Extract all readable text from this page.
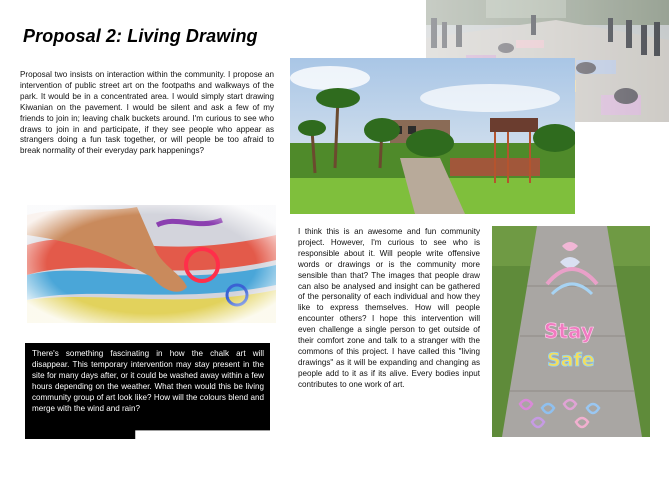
Proposal 2: Living Drawing
Proposal two insists on interaction within the community. I propose an intervention of public street art on the footpaths and walkways of the park. It would be in a concentrated area. I would simply start drawing Kiwanian on the pavement. I would be silent and ask a few of my friends to join in; leaving chalk buckets around. I'm curious to see who draws to join in and participate, if they see people who appear as strangers doing a fun task together, or will people be too afraid to break normality of their everyday park happenings?
There's something fascinating in how the chalk art will disappear. This temporary intervention may stay present in the site for many days after, or it could be washed away within a few hours depending on the weather. What then would this be living community group of art look like? How will the colours blend and merge with the wind and rain?
I think this is an awesome and fun community project. However, I'm curious to see who is responsible about it. Will people write offensive words or drawings or is the community more sensible than that? The images that people draw can also be analysed and insight can be gathered of the personality of each individual and how they like to express themselves. How will people encounter others? I hope this intervention will even challenge a single person to get outside of their comfort zone and talk to a stranger with the commons of this project. I have called this "living drawings" as it will be expanding and changing as people add to it as if its alive. Every bodies input contributes to one work of art.
Stay
Safe
